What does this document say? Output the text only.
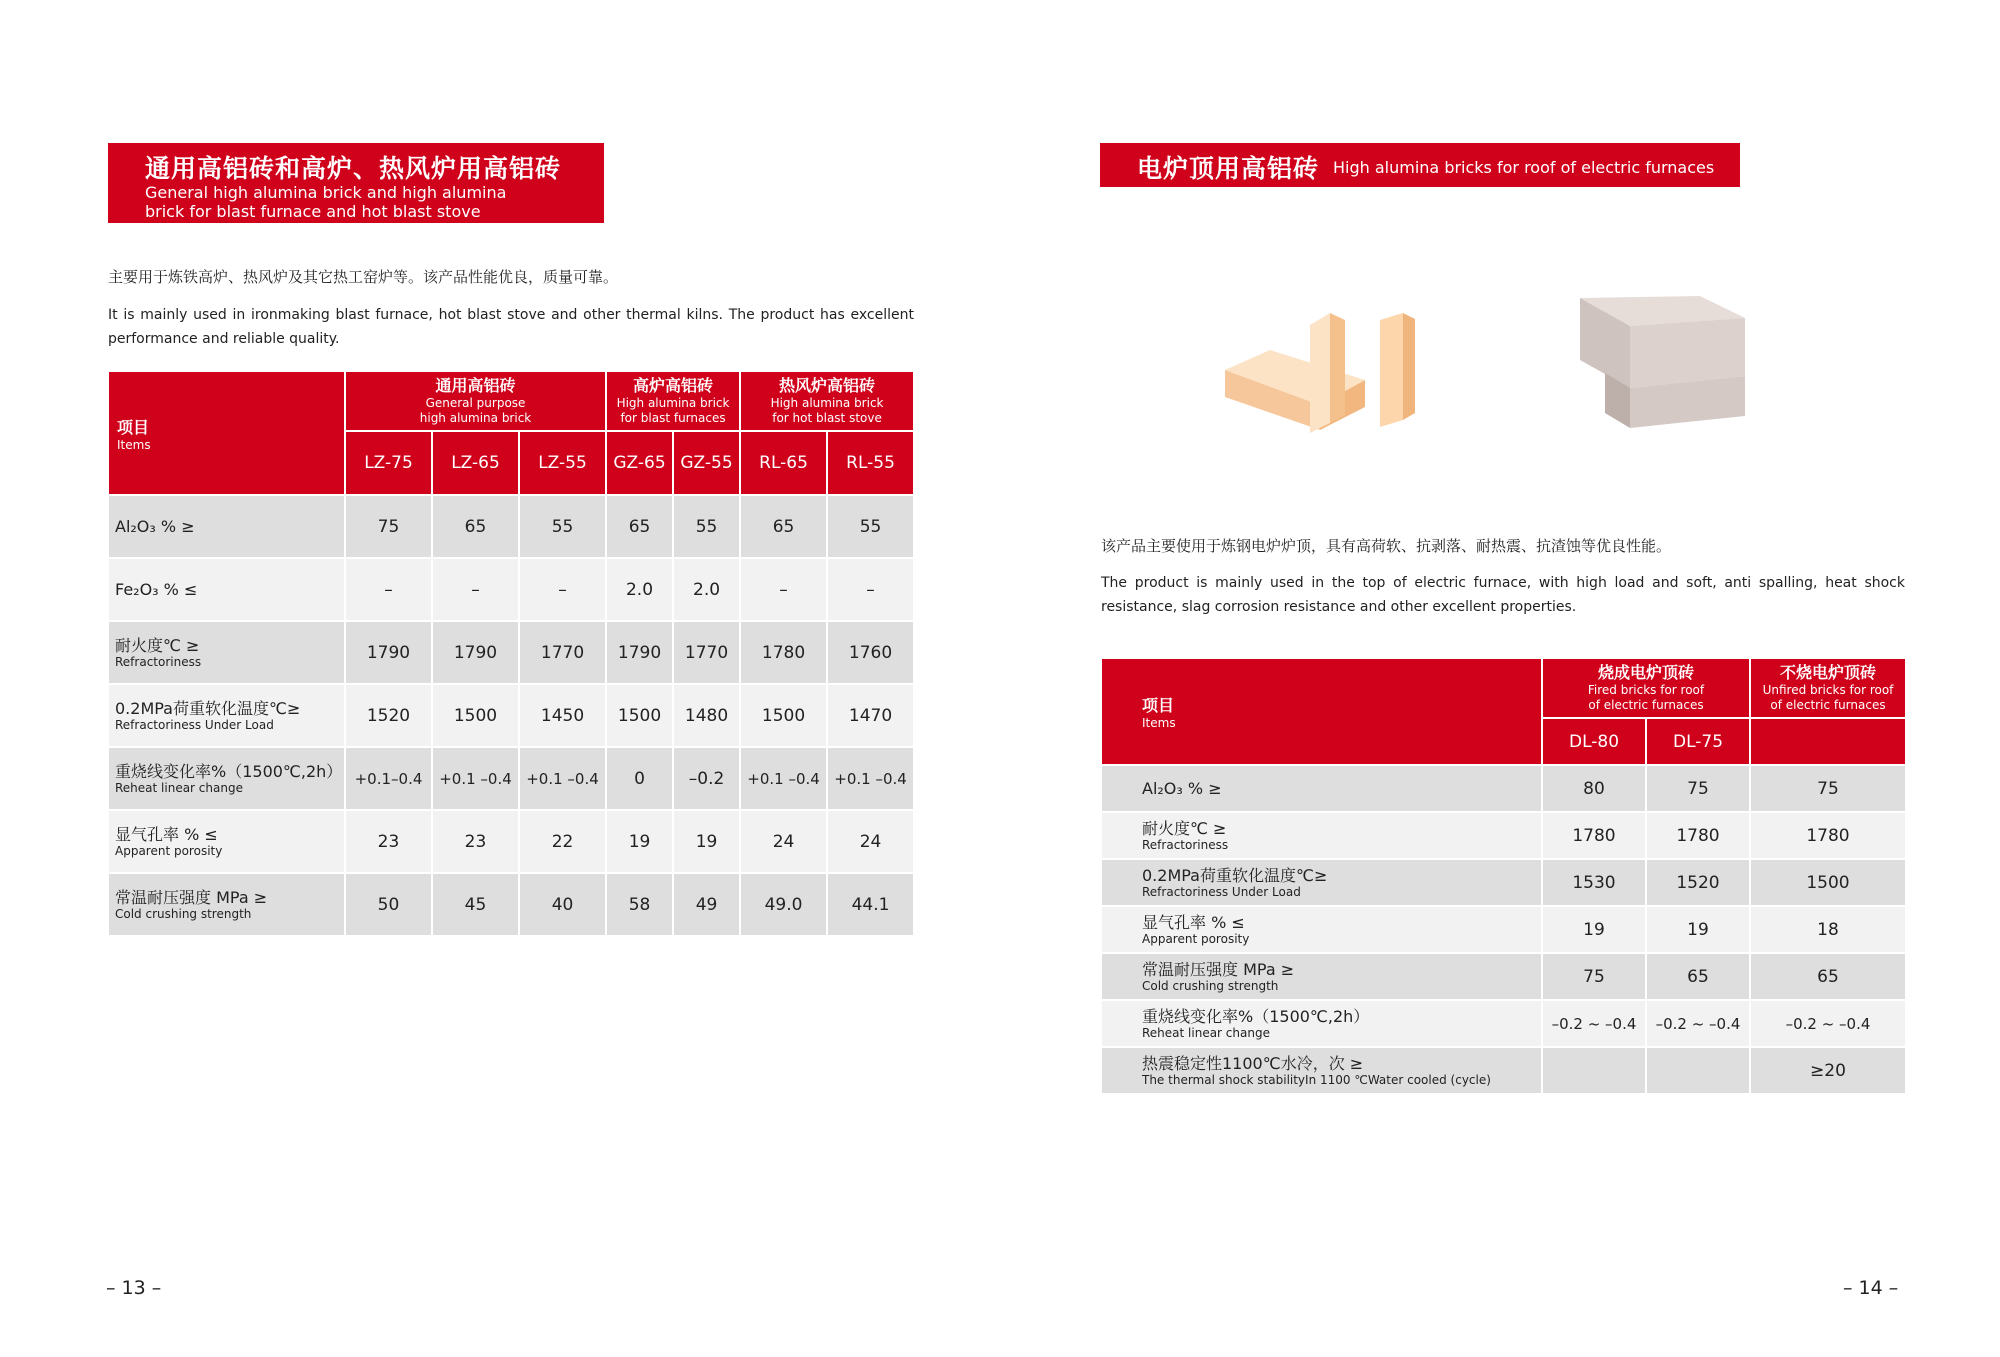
通用高铝砖和高炉、热风炉用高铝砖
General high alumina brick and high alumina
brick for blast furnace and hot blast stove
主要用于炼铁高炉、热风炉及其它热工窑炉等。该产品性能优良，质量可靠。
It is mainly used in ironmaking blast furnace, hot blast stove and other thermal kilns. The product has excellent performance and reliable quality.
项目
Items	通用高铝砖
General purpose
high alumina brick			高炉高铝砖
High alumina brick
for blast furnaces		热风炉高铝砖
High alumina brick
for hot blast stove	

	LZ-75	LZ-65	LZ-55	GZ-65	GZ-55	RL-65	RL-55

Al₂O₃ % ≥	75	65	55	65	55	65	55

Fe₂O₃ % ≤	–	–	–	2.0	2.0	–	–

耐火度℃ ≥
Refractoriness	1790	1790	1770	1790	1770	1780	1760

0.2MPa荷重软化温度℃≥
Refractoriness Under Load	1520	1500	1450	1500	1480	1500	1470

重烧线变化率%（1500℃,2h）
Reheat linear change	+0.1–0.4	+0.1 –0.4	+0.1 –0.4	0	–0.2	+0.1 –0.4	+0.1 –0.4

显气孔率 % ≤
Apparent porosity	23	23	22	19	19	24	24

常温耐压强度 MPa ≥
Cold crushing strength	50	45	40	58	49	49.0	44.1
– 13 –
电炉顶用高铝砖 High alumina bricks for roof of electric furnaces
该产品主要使用于炼钢电炉炉顶，具有高荷软、抗剥落、耐热震、抗渣蚀等优良性能。
The product is mainly used in the top of electric furnace, with high load and soft, anti spalling, heat shock resistance, slag corrosion resistance and other excellent properties.
项目
Items	烧成电炉顶砖
Fired bricks for roof
of electric furnaces		不烧电炉顶砖
Unfired bricks for roof
of electric furnaces

	DL-80	DL-75	

Al₂O₃ % ≥	80	75	75

耐火度℃ ≥
Refractoriness	1780	1780	1780

0.2MPa荷重软化温度℃≥
Refractoriness Under Load	1530	1520	1500

显气孔率 % ≤
Apparent porosity	19	19	18

常温耐压强度 MPa ≥
Cold crushing strength	75	65	65

重烧线变化率%（1500℃,2h）
Reheat linear change	–0.2 ~ –0.4	–0.2 ~ –0.4	–0.2 ~ –0.4

热震稳定性1100℃水冷，次 ≥
The thermal shock stabilityIn 1100 ℃Water cooled (cycle)			≥20
– 14 –
